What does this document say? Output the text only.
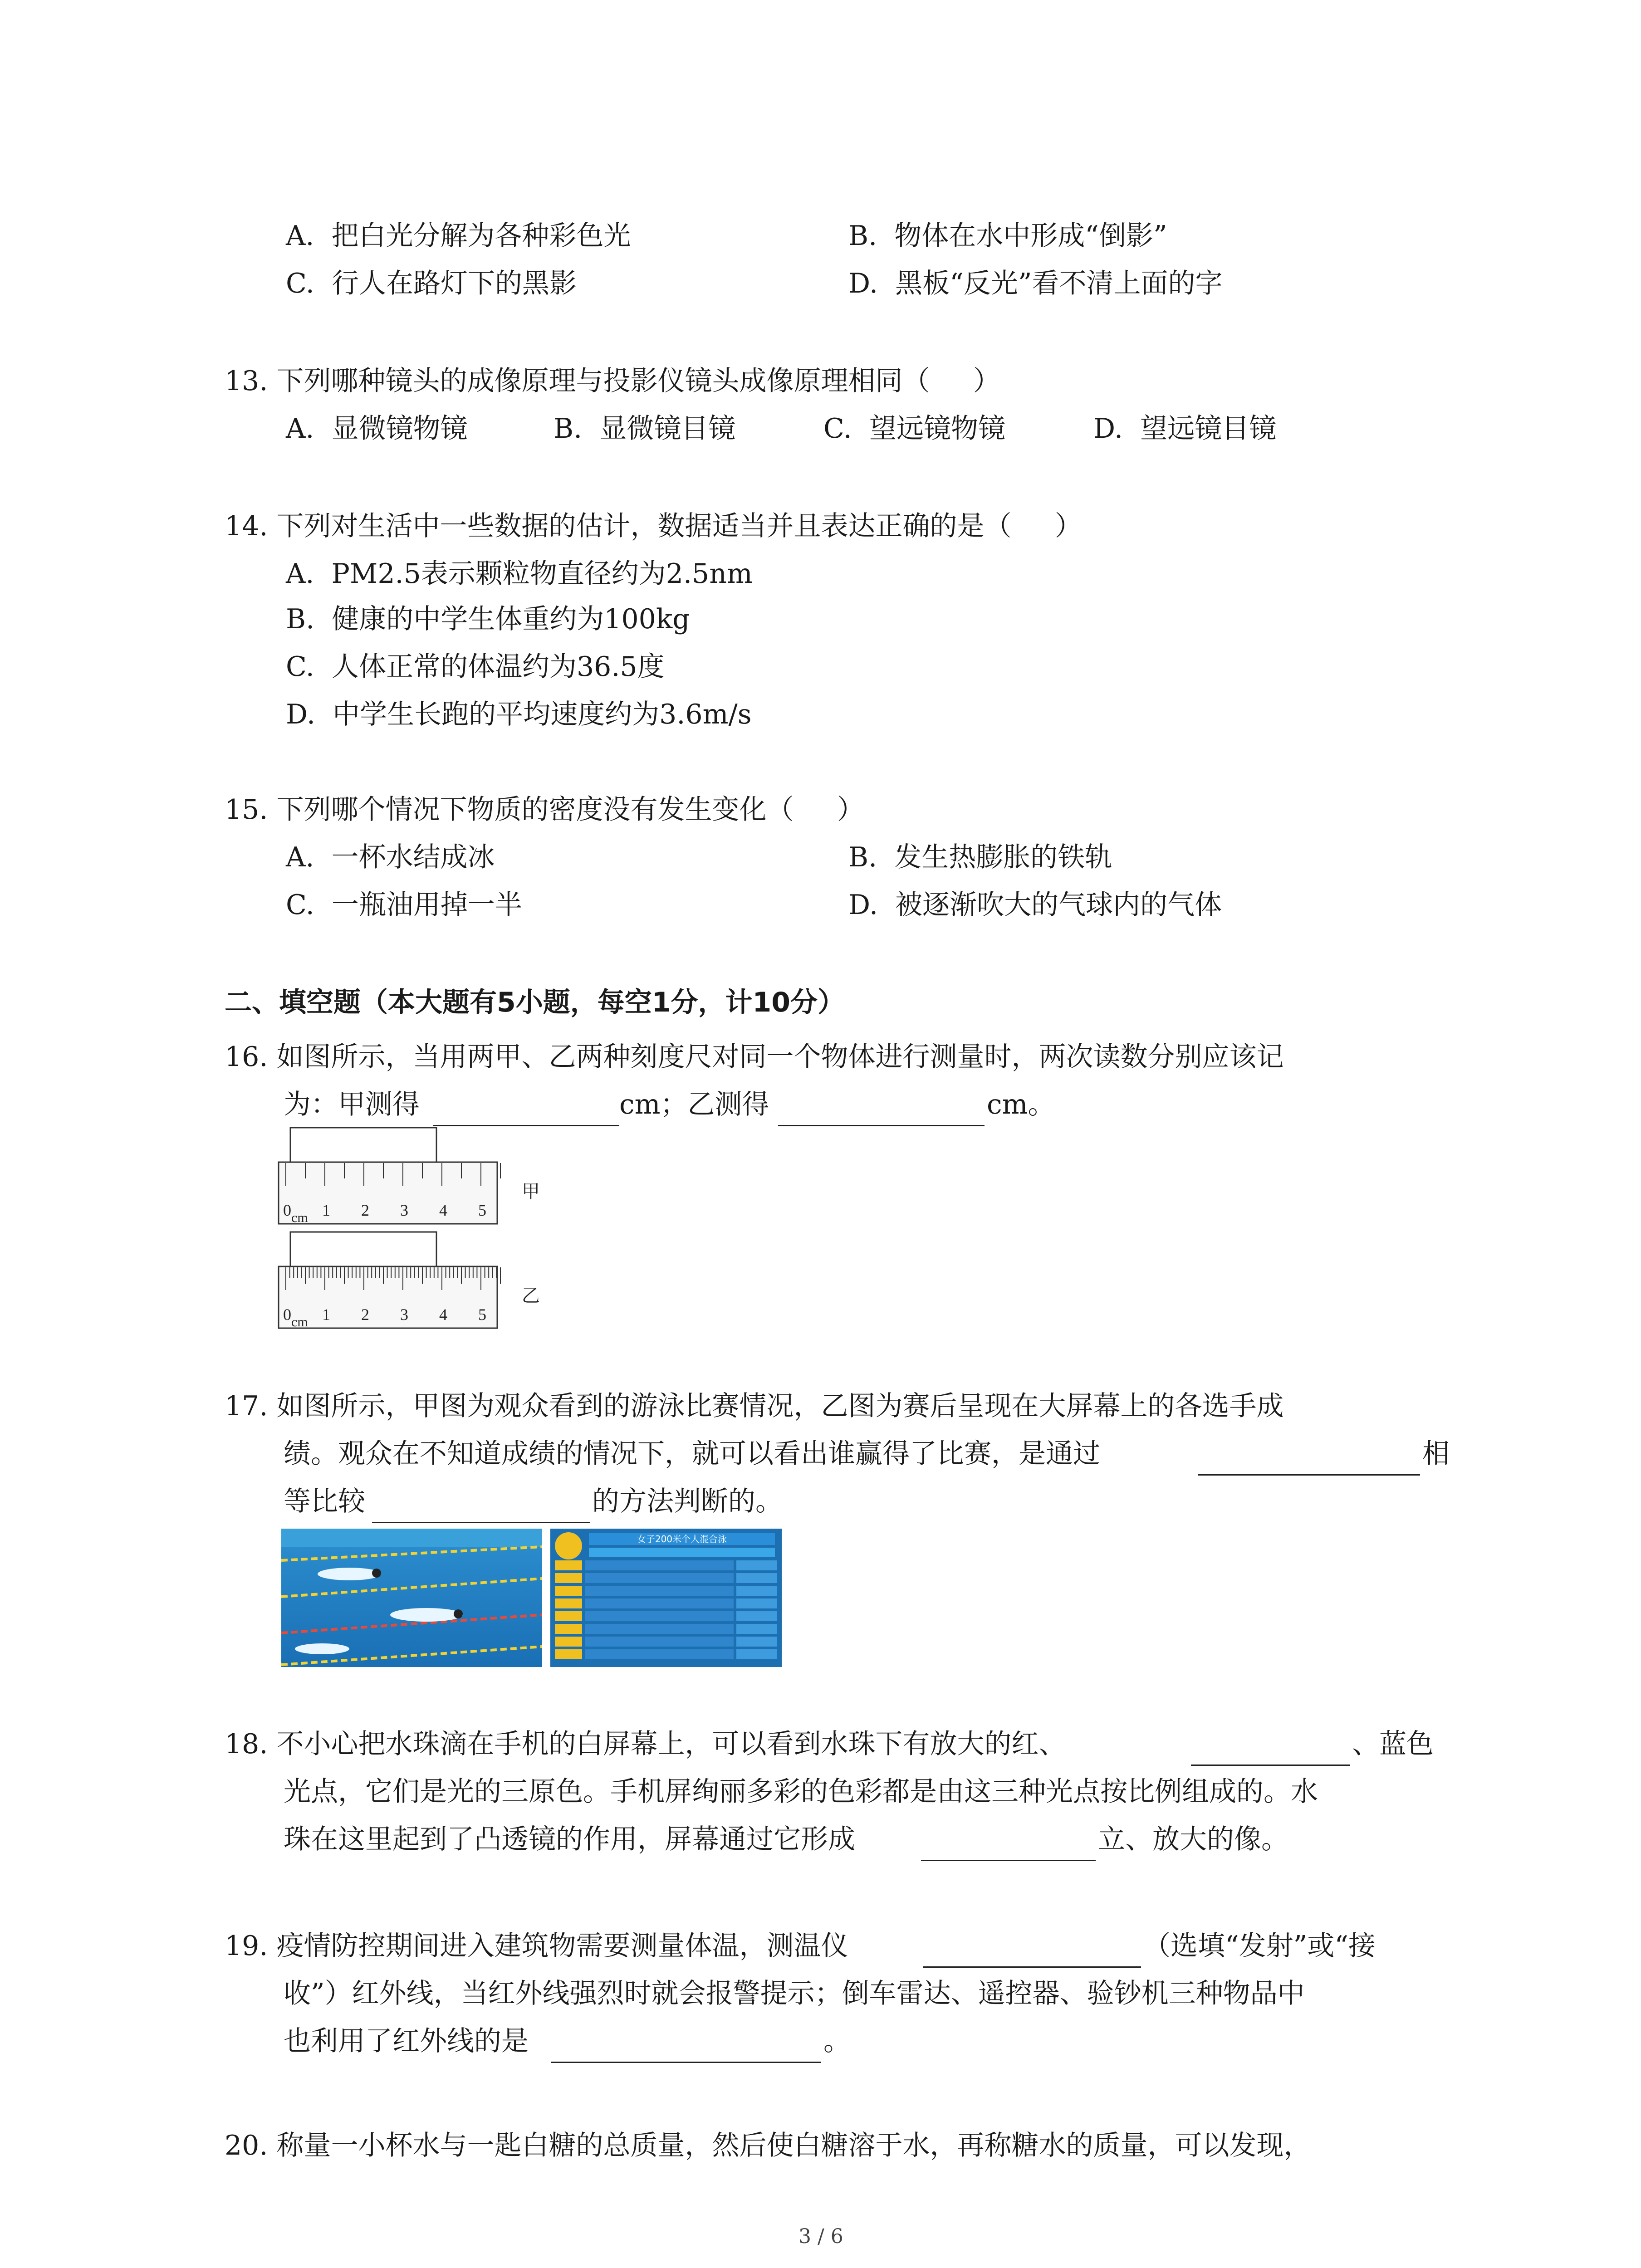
A.  把白光分解为各种彩色光	B.  物体在水中形成“倒影”
C.  行人在路灯下的黑影	D.  黑板“反光”看不清上面的字
13. 下列哪种镜头的成像原理与投影仪镜头成像原理相同（     ）
A.  显微镜物镜	B.  显微镜目镜	C.  望远镜物镜	D.  望远镜目镜
14. 下列对生活中一些数据的估计，数据适当并且表达正确的是（     ）
A.  PM2.5表示颗粒物直径约为2.5nm
B.  健康的中学生体重约为100kg
C.  人体正常的体温约为36.5度
D.  中学生长跑的平均速度约为3.6m/s
15. 下列哪个情况下物质的密度没有发生变化（     ）
A.  一杯水结成冰	B.  发生热膨胀的铁轨
C.  一瓶油用掉一半	D.  被逐渐吹大的气球内的气体
二、填空题（本大题有5小题，每空1分，计10分）
16. 如图所示，当用两甲、乙两种刻度尺对同一个物体进行测量时，两次读数分别应该记
为：甲测得	cm；乙测得	cm。
0 1 2 3 4 5
cm
甲
0 1 2 3 4 5
cm
乙
17. 如图所示，甲图为观众看到的游泳比赛情况，乙图为赛后呈现在大屏幕上的各选手成
绩。观众在不知道成绩的情况下，就可以看出谁赢得了比赛，是通过	相
等比较	的方法判断的。
女子200米个人混合泳
18. 不小心把水珠滴在手机的白屏幕上，可以看到水珠下有放大的红、	、蓝色
光点，它们是光的三原色。手机屏绚丽多彩的色彩都是由这三种光点按比例组成的。水
珠在这里起到了凸透镜的作用，屏幕通过它形成	立、放大的像。
19. 疫情防控期间进入建筑物需要测量体温，测温仪	（选填“发射”或“接
收”）红外线，当红外线强烈时就会报警提示；倒车雷达、遥控器、验钞机三种物品中
也利用了红外线的是	。
20. 称量一小杯水与一匙白糖的总质量，然后使白糖溶于水，再称糖水的质量，可以发现，
3 / 6
